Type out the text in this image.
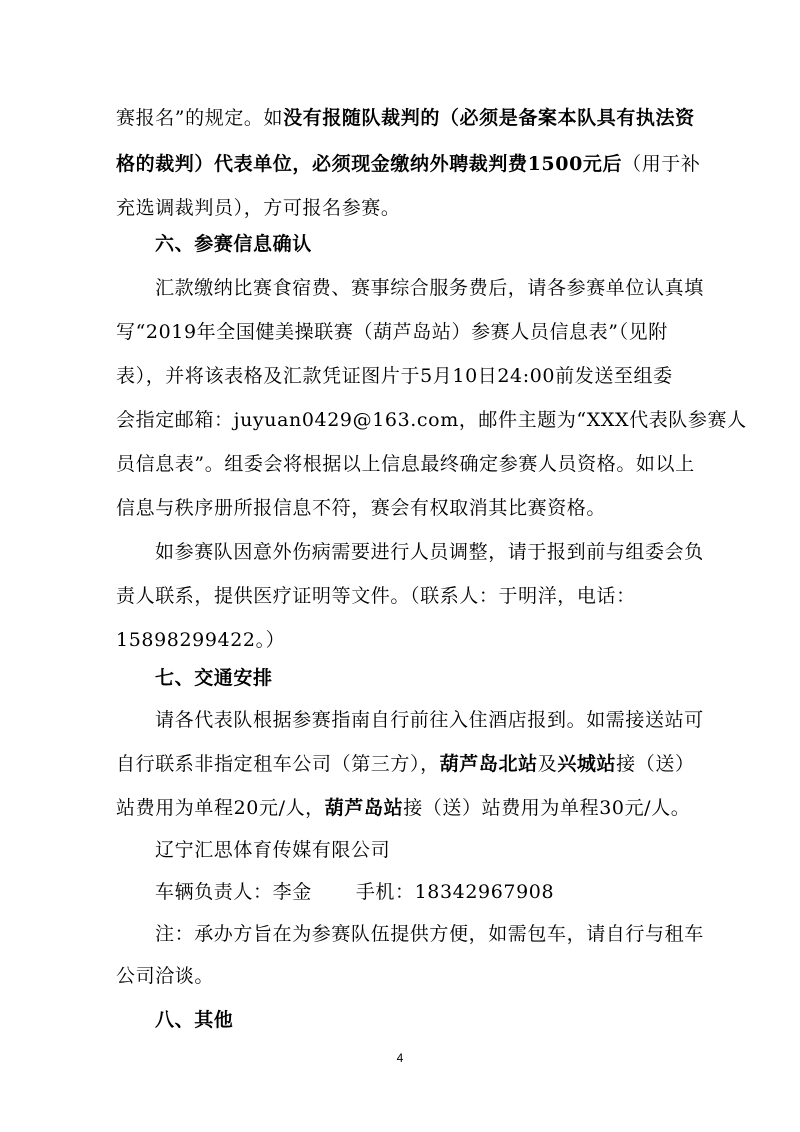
赛报名”的规定。如没有报随队裁判的（必须是备案本队具有执法资
格的裁判）代表单位，必须现金缴纳外聘裁判费1500元后（用于补
充选调裁判员），方可报名参赛。
六、参赛信息确认
汇款缴纳比赛食宿费、赛事综合服务费后，请各参赛单位认真填
写“2019年全国健美操联赛（葫芦岛站）参赛人员信息表”（见附
表），并将该表格及汇款凭证图片于5月10日24:00前发送至组委
会指定邮箱：juyuan0429@163.com，邮件主题为“XXX代表队参赛人
员信息表”。组委会将根据以上信息最终确定参赛人员资格。如以上
信息与秩序册所报信息不符，赛会有权取消其比赛资格。
如参赛队因意外伤病需要进行人员调整，请于报到前与组委会负
责人联系，提供医疗证明等文件。（联系人：于明洋，电话：
15898299422。）
七、交通安排
请各代表队根据参赛指南自行前往入住酒店报到。如需接送站可
自行联系非指定租车公司（第三方），葫芦岛北站及兴城站接（送）
站费用为单程20元/人，葫芦岛站接（送）站费用为单程30元/人。
辽宁汇思体育传媒有限公司
车辆负责人：李金 手机：18342967908
注：承办方旨在为参赛队伍提供方便，如需包车，请自行与租车
公司洽谈。
4
八、其他
